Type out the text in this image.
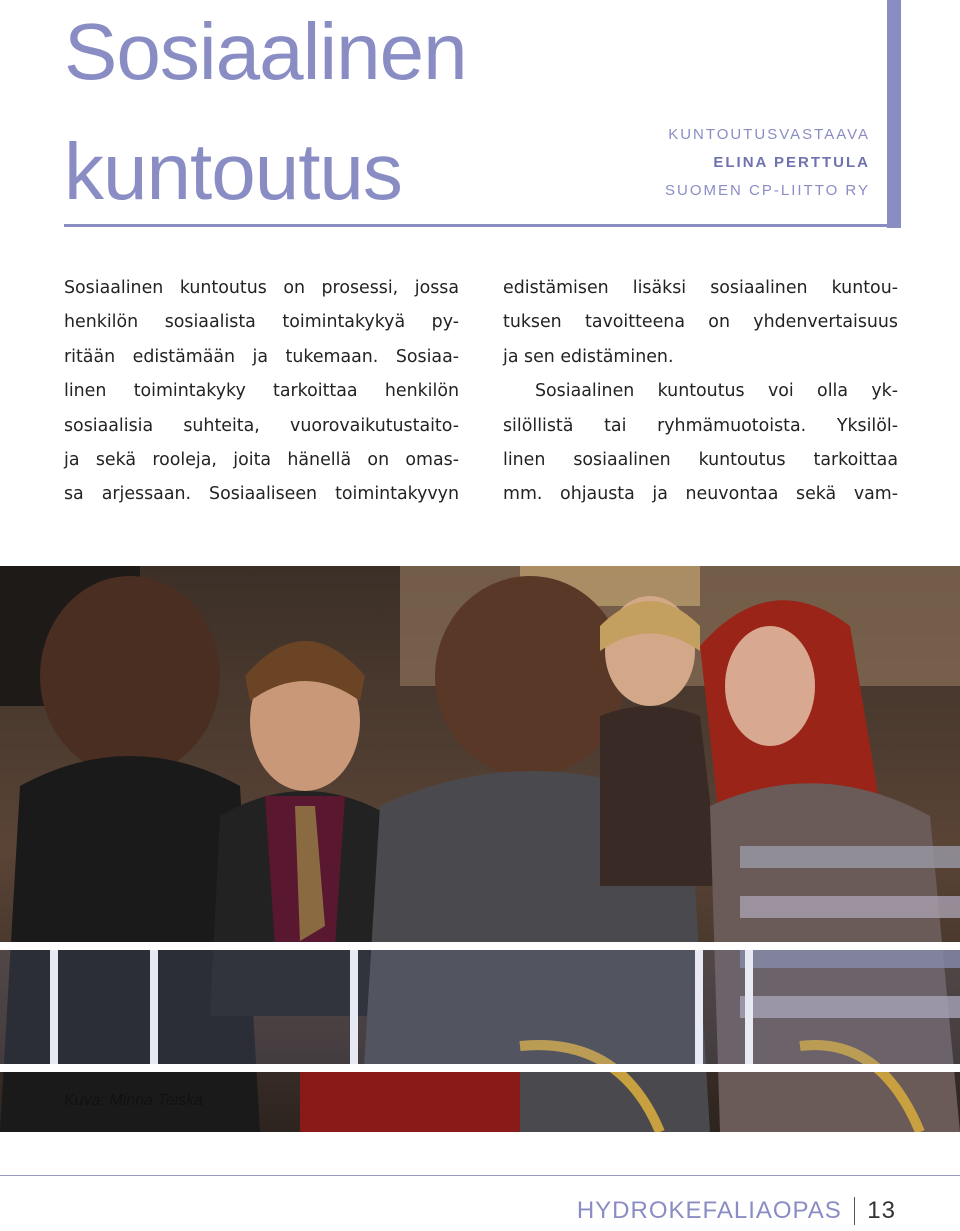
Sosiaalinen
kuntoutus	KUNTOUTUSVASTAAVA
ELINA PERTTULA
SUOMEN CP-LIITTO RY
Sosiaalinen kuntoutus on prosessi, jossa
henkilön sosiaalista toimintakykyä py-
ritään edistämään ja tukemaan. Sosiaa-
linen toimintakyky tarkoittaa henkilön
sosiaalisia suhteita, vuorovaikutustaito-
ja sekä rooleja, joita hänellä on omas-
sa arjessaan. Sosiaaliseen toimintakyvyn
edistämisen lisäksi sosiaalinen kuntou-
tuksen tavoitteena on yhdenvertaisuus
ja sen edistäminen.
Sosiaalinen kuntoutus voi olla yk-
silöllistä tai ryhmämuotoista. Yksilöl-
linen sosiaalinen kuntoutus tarkoittaa
mm. ohjausta ja neuvontaa sekä vam-
Kuva: Minna Teiska
HYDROKEFALIAOPAS 13
